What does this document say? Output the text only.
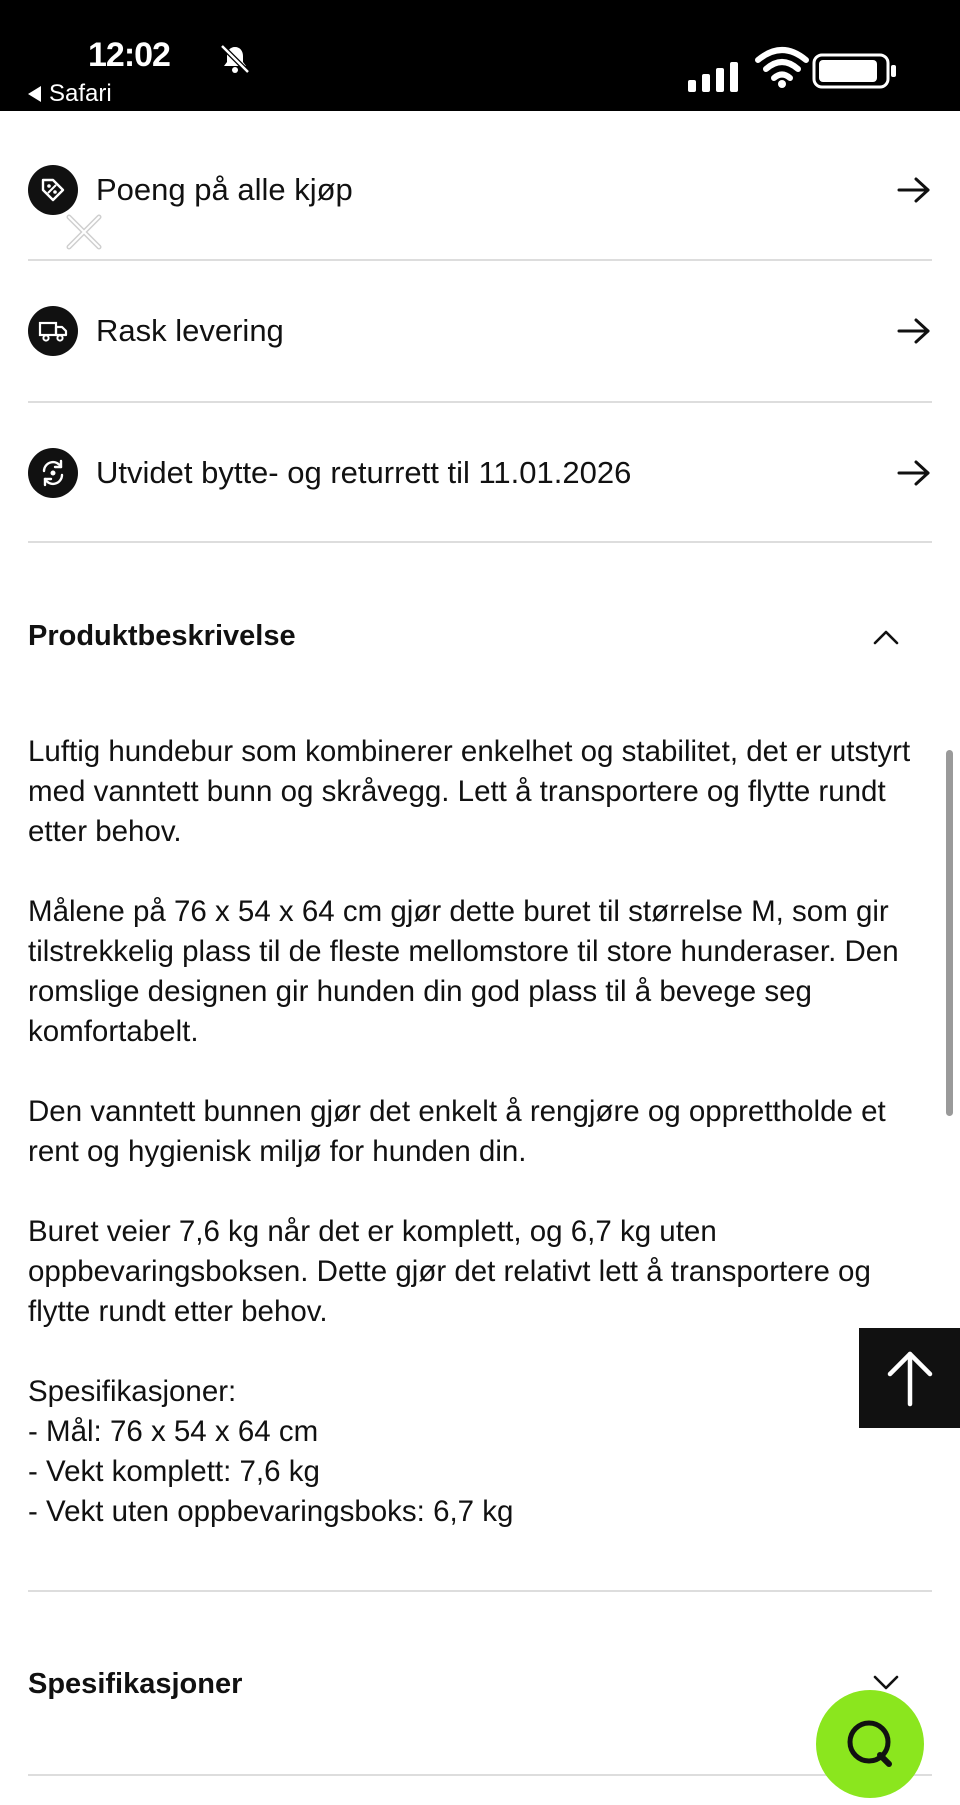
12:02
Safari
Poeng på alle kjøp
Rask levering
Utvidet bytte- og returrett til 11.01.2026
Produktbeskrivelse

Luftig hundebur som kombinerer enkelhet og stabilitet, det er utstyrt med vanntett bunn og skråvegg. Lett å transportere og flytte rundt etter behov.

Målene på 76 x 54 x 64 cm gjør dette buret til størrelse M, som gir tilstrekkelig plass til de fleste mellomstore til store hunderaser. Den romslige designen gir hunden din god plass til å bevege seg komfortabelt.

Den vanntett bunnen gjør det enkelt å rengjøre og opprettholde et rent og hygienisk miljø for hunden din.

Buret veier 7,6 kg når det er komplett, og 6,7 kg uten oppbevaringsboksen. Dette gjør det relativt lett å transportere og flytte rundt etter behov.

Spesifikasjoner:
- Mål: 76 x 54 x 64 cm
- Vekt komplett: 7,6 kg
- Vekt uten oppbevaringsboks: 6,7 kg

Spesifikasjoner
